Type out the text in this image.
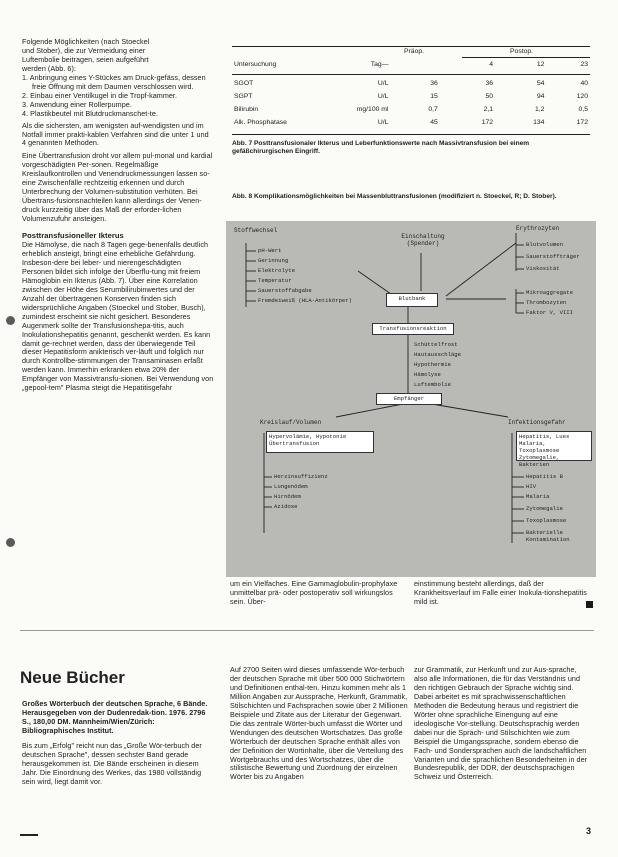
Folgende Möglichkeiten (nach Stoeckel

und Stober), die zur Vermeidung einer

Luftembolie beitragen, seien aufgeführt

werden (Abb. 6):

1. Anbringung eines Y-Stückes am Druck-gefäss, dessen freie Öffnung mit dem Daumen verschlossen wird.
2. Einbau einer Ventilkugel in die Tropf-kammer.
3. Anwendung einer Rollerpumpe.
4. Plastikbeutel mit Blutdruckmanschet-te.

Als die sichersten, am wenigsten auf-wendigsten und im Notfall immer prakti-kablen Verfahren sind die unter 1 und 4 genannten Methoden.

Eine Übertransfusion droht vor allem pul-monal und kardial vorgeschädigten Per-sonen. Regelmäßige Kreislaufkontrollen und Venendruckmessungen lassen so-eine Zwischenfälle rechtzeitig erkennen und durch Unterbrechung der Volumen-substitution verhüten. Bei Übertrans-fusionsnachteilen kann allerdings der Venen-druck kurzzeitig über das Maß der erforder-lichen Volumenzufuhr ansteigen.

Posttransfusioneller Ikterus

Die Hämolyse, die nach 8 Tagen gege-benenfalls deutlich erheblich ansteigt, bringt eine erhebliche Gefährdung. Insbeson-dere bei leber- und nierengeschädigten Personen bildet sich infolge der Überflu-tung mit freiem Hämoglobin ein Ikterus (Abb. 7). Über eine Korrelation zwischen der Höhe des Serumbilirubinwertes und der Anzahl der übertragenen Konserven finden sich widersprüchliche Angaben (Stoeckel und Stober, Busch), zumindest erscheint sie nicht gesichert. Besonderes Augenmerk sollte der Transfusionshepa-titis, auch Inokulationshepatitis genannt, geschenkt werden. Es kann damit ge-rechnet werden, dass der überwiegende Teil dieser Hepatitisform anikterisch ver-läuft und folglich nur durch Kontrollbe-stimmungen der Transaminasen erfaßt werden kann. Immerhin erkranken etwa 20% der Empfänger von Massivtransfu-sionen. Bei Verwendung von „gepool-tem" Plasma steigt die Hepatitisgefahr

Präop.	Postop.
Untersuchung	Tag—		4	12	23
SGOT	U/L	36	36	54	40
SGPT	U/L	15	50	94	120
Bilirubin	mg/100 ml	0,7	2,1	1,2	0,5
Alk. Phosphatase	U/L	45	172	134	172
Abb. 7 Posttransfusionaler Ikterus und Leberfunktionswerte nach Massivtransfusion bei einem gefäßchirurgischen Eingriff.
Abb. 8 Komplikationsmöglichkeiten bei Massenbluttransfusionen (modifiziert n. Stoeckel, R; D. Stober).
Stoffwechsel
pH-Wert
Gerinnung
Elektrolyte
Temperatur
Sauerstoffabgabe
Fremdeiweiß (HLA-Antikörper)
Einschaltung (Spender)
Erythrozyten
Blutvolumen
Sauerstoffträger
Viskosität
Mikroaggregate
Thrombozyten
Faktor V, VIII
Blutbank
Transfusionsreaktion
Schüttelfrost
Hautausschläge
Hypothermie
Hämolyse
Luftembolie
Empfänger
Kreislauf/Volumen
Hypervolämie, Hypotonie
Übertransfusion
Herzinsuffizienz
Lungenödem
Hirnödem
Azidose
Infektionsgefahr
Hepatitis, Lues
Malaria, Toxoplasmose
Zytomegalie, Bakterien
Hepatitis B
HIV
Malaria
Zytomegalie
Toxoplasmose
Bakterielle Kontamination
um ein Vielfaches. Eine Gammaglobulin-prophylaxe unmittelbar prä- oder postoperativ soll wirkungslos sein. Über-
einstimmung besteht allerdings, daß der Krankheitsverlauf im Falle einer Inokula-tionshepatitis mild ist.
Neue Bücher

Großes Wörterbuch der deutschen Sprache, 6 Bände. Herausgegeben von der Dudenredak-tion. 1976. 2796 S., 180,00 DM. Mannheim/Wien/Zürich: Bibliographisches Institut.

Bis zum „Erfolg" reicht nun das „Große Wör-terbuch der deutschen Sprache", dessen sechster Band gerade herausgekommen ist. Die Bände erscheinen in diesem Jahr. Die Einordnung des Werkes, das 1980 vollständig sein wird, liegt damit vor.

Auf 2700 Seiten wird dieses umfassende Wör-terbuch der deutschen Sprache mit über 500 000 Stichwörtern und Definitionen enthal-ten. Hinzu kommen mehr als 1 Million Angaben zur Aussprache, Herkunft, Grammatik, Stilschichten und Fachsprachen sowie über 2 Millionen Beispiele und Zitate aus der Literatur der Gegenwart. Die das zentrale Wörter-buch umfasst die Wörter und Wendungen des deutschen Wortschatzes. Das große Wörterbuch der deutschen Sprache enthält alles von der Definition der Wortinhalte, über die Verteilung des Wortgebrauchs und des Wortschatzes, über die stilistische Bewertung und Zuordnung der einzelnen Wörter bis zu Angaben
zur Grammatik, zur Herkunft und zur Aus-sprache, also alle Informationen, die für das Verständnis und den richtigen Gebrauch der Sprache wichtig sind. Dabei arbeitet es mit sprachwissenschaftlichen Methoden die Bedeutung heraus und registriert die Wörter ohne sprachliche Einengung auf eine ideologische Vor-stellung. Deutschsprachig werden dabei nur die Sprach- und Stilschichten wie zum Beispiel die Umgangssprache, sondern ebenso die Fach- und Sondersprachen auch die landschaftlichen Varianten und die sprachlichen Besonderheiten in der Bundesrepublik, der DDR, der deutschsprachigen Schweiz und Österreich.
3
